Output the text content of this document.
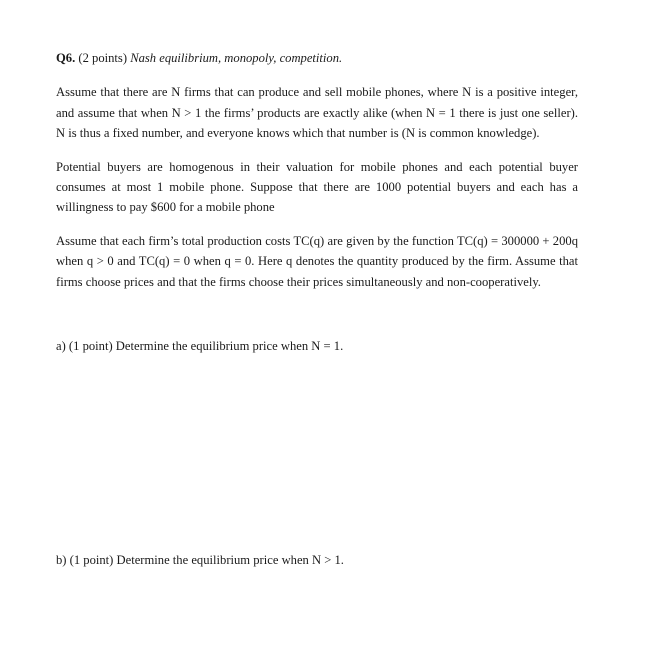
Q6. (2 points) Nash equilibrium, monopoly, competition.

Assume that there are N firms that can produce and sell mobile phones, where N is a positive integer, and assume that when N > 1 the firms’ products are exactly alike (when N = 1 there is just one seller). N is thus a fixed number, and everyone knows which that number is (N is common knowledge).

Potential buyers are homogenous in their valuation for mobile phones and each potential buyer consumes at most 1 mobile phone. Suppose that there are 1000 potential buyers and each has a willingness to pay $600 for a mobile phone

Assume that each firm’s total production costs TC(q) are given by the function TC(q) = 300000 + 200q when q > 0 and TC(q) = 0 when q = 0. Here q denotes the quantity produced by the firm. Assume that firms choose prices and that the firms choose their prices simultaneously and non-cooperatively.

a) (1 point) Determine the equilibrium price when N = 1.

b) (1 point) Determine the equilibrium price when N > 1.
